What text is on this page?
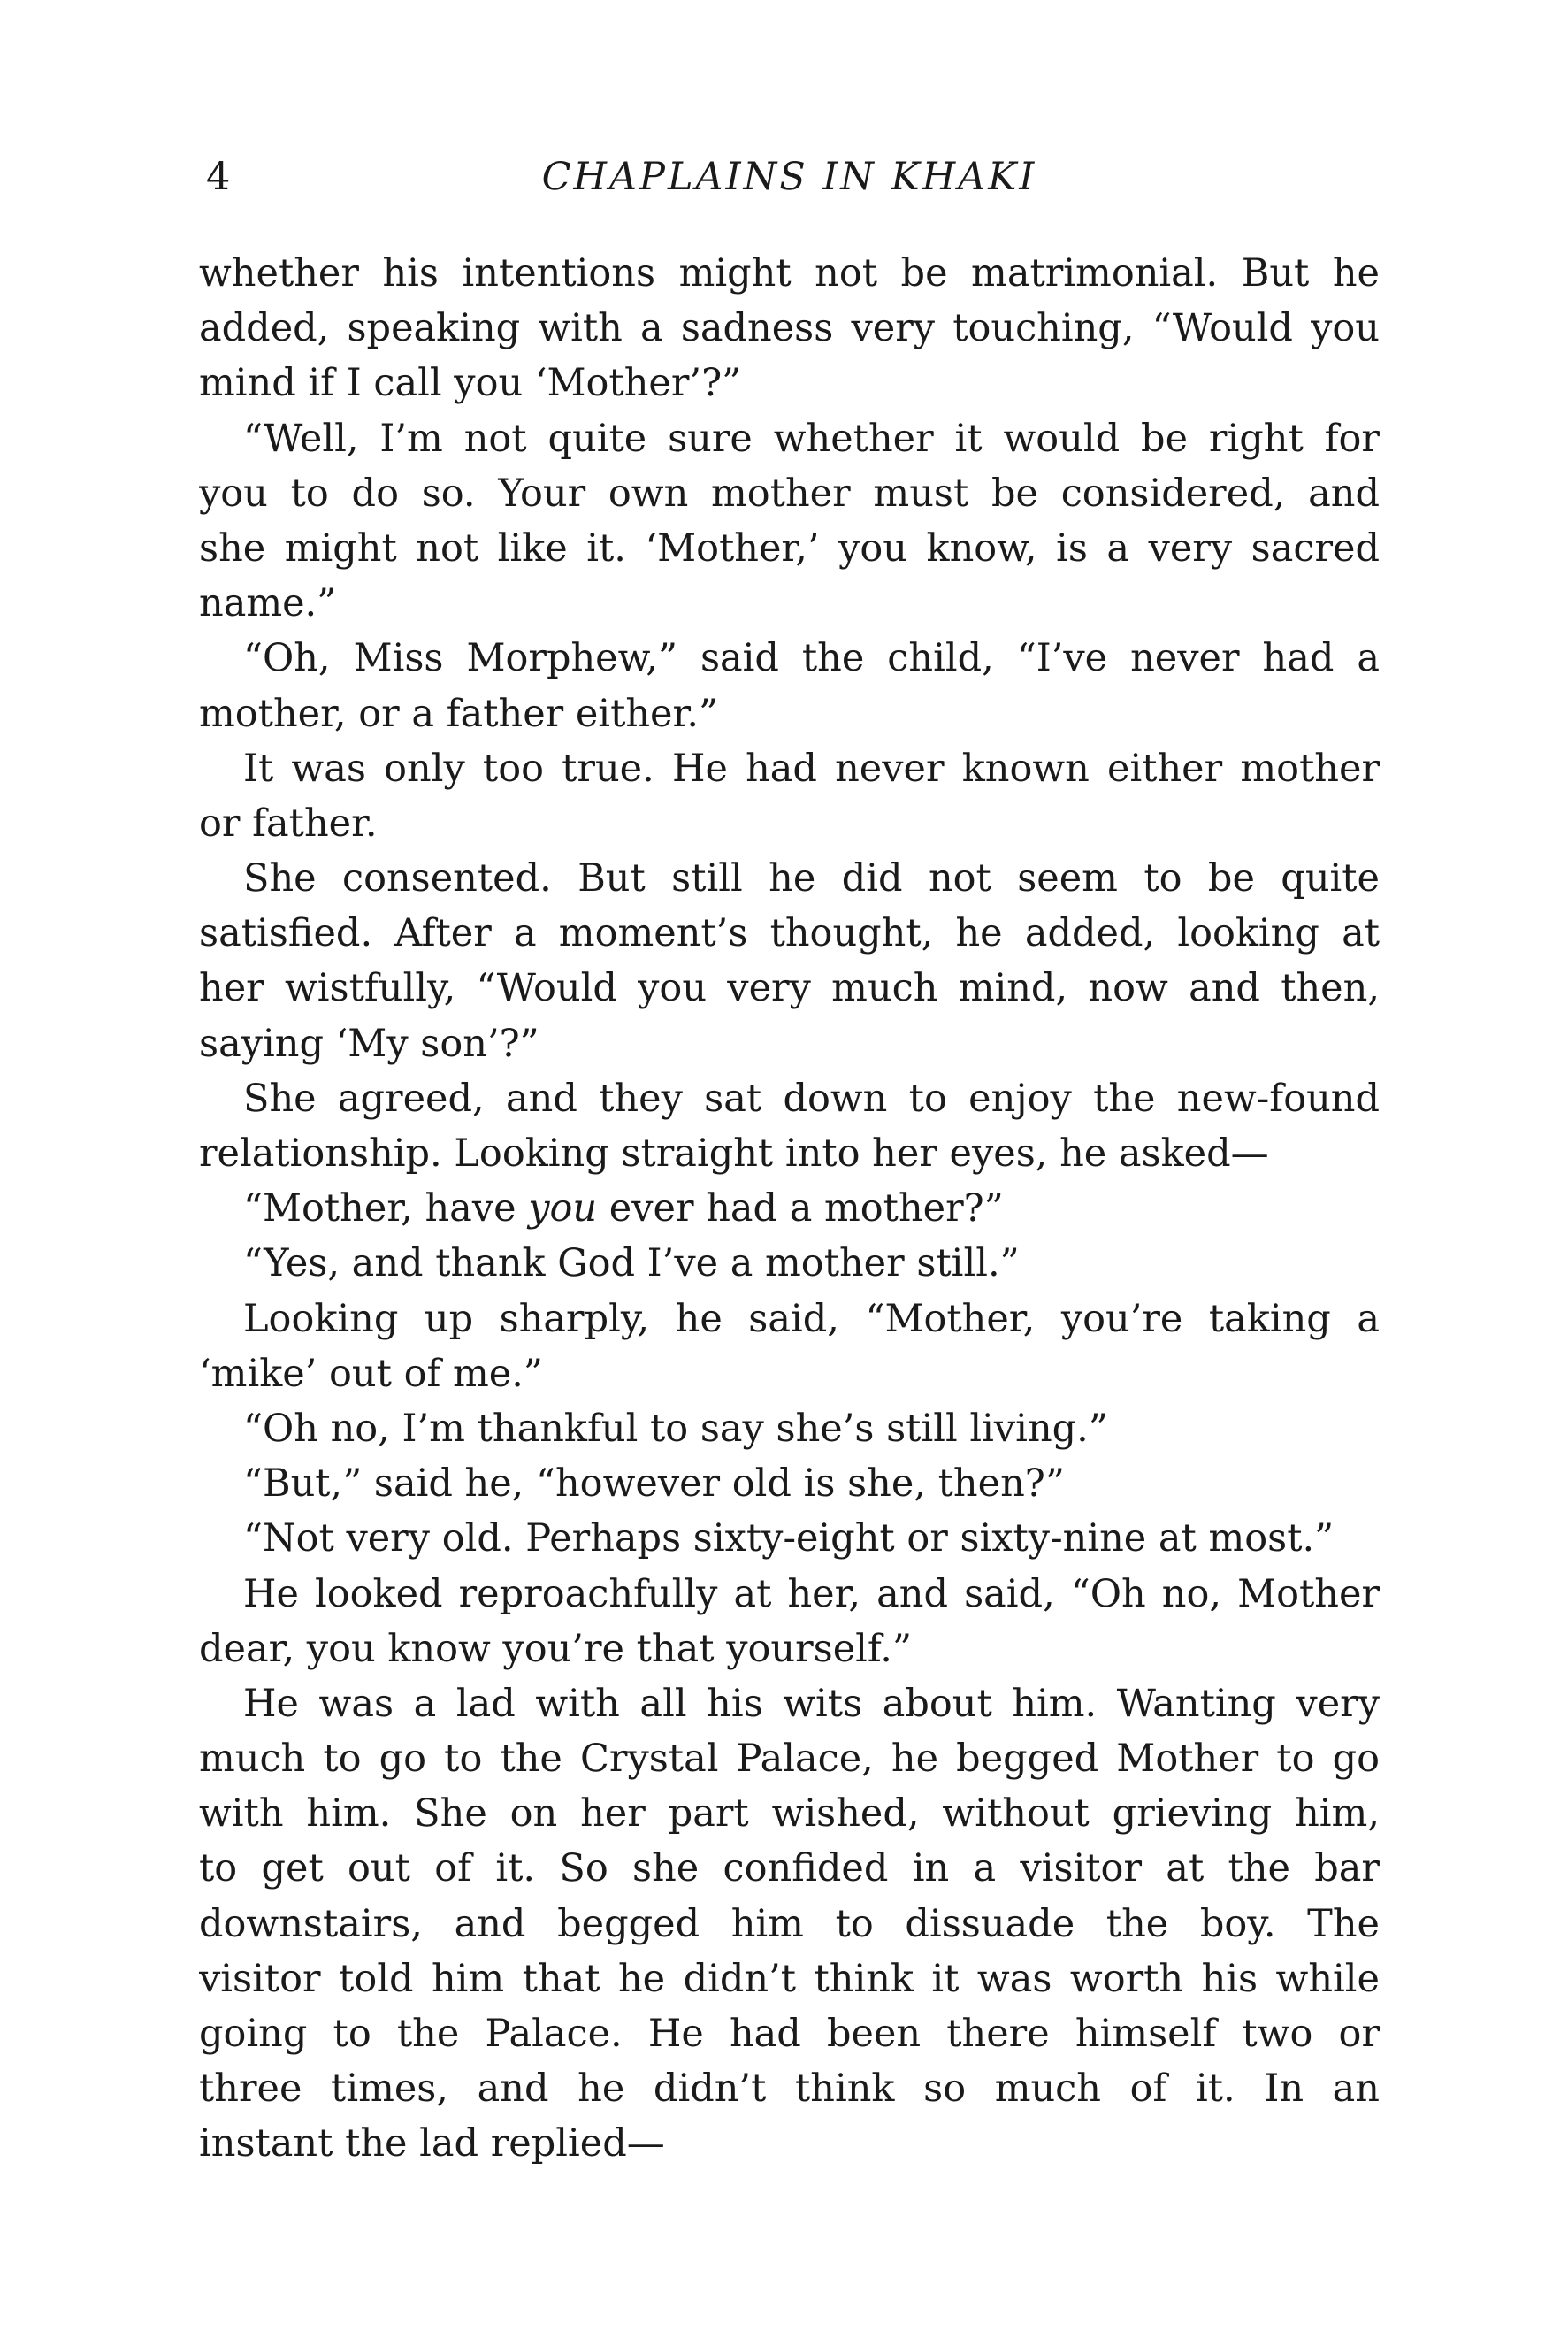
4	CHAPLAINS IN KHAKI
whether his intentions might not be matrimonial. But he
added, speaking with a sadness very touching, “Would you
mind if I call you ‘Mother’?”
“Well, I’m not quite sure whether it would be right for
you to do so. Your own mother must be considered, and
she might not like it. ‘Mother,’ you know, is a very sacred
name.”
“Oh, Miss Morphew,” said the child, “I’ve never had a
mother, or a father either.”
It was only too true. He had never known either mother
or father.
She consented. But still he did not seem to be quite
satisfied. After a moment’s thought, he added, looking at
her wistfully, “Would you very much mind, now and then,
saying ‘My son’?”
She agreed, and they sat down to enjoy the new-found
relationship. Looking straight into her eyes, he asked—
“Mother, have you ever had a mother?”
“Yes, and thank God I’ve a mother still.”
Looking up sharply, he said, “Mother, you’re taking a
‘mike’ out of me.”
“Oh no, I’m thankful to say she’s still living.”
“But,” said he, “however old is she, then?”
“Not very old. Perhaps sixty-eight or sixty-nine at most.”
He looked reproachfully at her, and said, “Oh no, Mother
dear, you know you’re that yourself.”
He was a lad with all his wits about him. Wanting very
much to go to the Crystal Palace, he begged Mother to go
with him. She on her part wished, without grieving him,
to get out of it. So she confided in a visitor at the bar
downstairs, and begged him to dissuade the boy. The
visitor told him that he didn’t think it was worth his while
going to the Palace. He had been there himself two or
three times, and he didn’t think so much of it. In an
instant the lad replied—
